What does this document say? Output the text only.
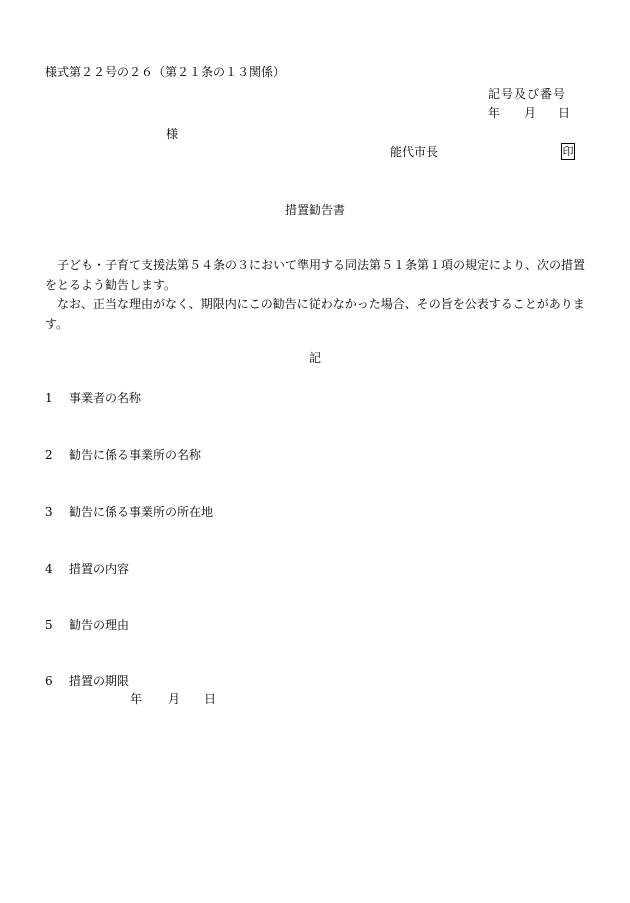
様式第２２号の２６（第２１条の１３関係）
記号及び番号
年 月 日
様
能代市長	印
措置勧告書

子ども・子育て支援法第５４条の３において準用する同法第５１条第１項の規定により、次の措置をとるよう勧告します。

なお、正当な理由がなく、期限内にこの勧告に従わなかった場合、その旨を公表することがあります。

記
1 事業者の名称
2 勧告に係る事業所の名称
3 勧告に係る事業所の所在地
4 措置の内容
5 勧告の理由
6 措置の期限
年 月 日
